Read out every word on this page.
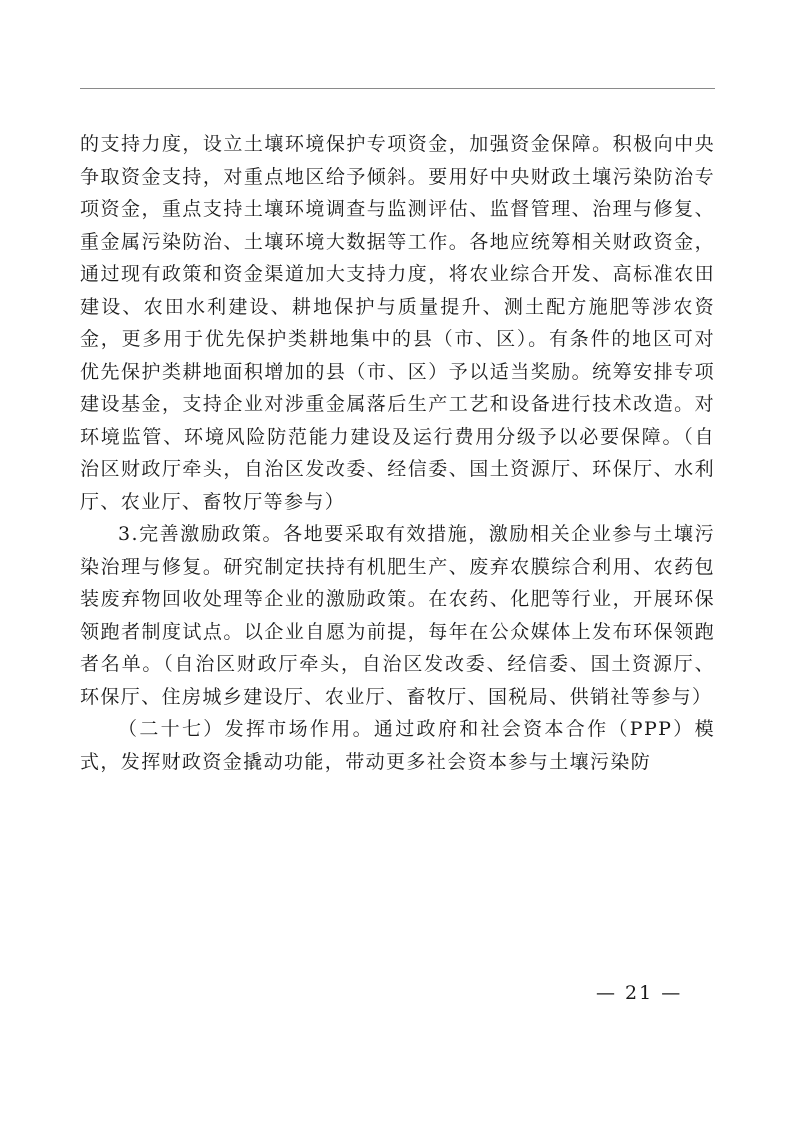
的支持力度，设立土壤环境保护专项资金，加强资金保障。积极向中央争取资金支持，对重点地区给予倾斜。要用好中央财政土壤污染防治专项资金，重点支持土壤环境调查与监测评估、监督管理、治理与修复、重金属污染防治、土壤环境大数据等工作。各地应统筹相关财政资金，通过现有政策和资金渠道加大支持力度，将农业综合开发、高标准农田建设、农田水利建设、耕地保护与质量提升、测土配方施肥等涉农资金，更多用于优先保护类耕地集中的县（市、区）。有条件的地区可对优先保护类耕地面积增加的县（市、区）予以适当奖励。统筹安排专项建设基金，支持企业对涉重金属落后生产工艺和设备进行技术改造。对环境监管、环境风险防范能力建设及运行费用分级予以必要保障。（自治区财政厅牵头，自治区发改委、经信委、国土资源厅、环保厅、水利厅、农业厅、畜牧厅等参与）

3.完善激励政策。各地要采取有效措施，激励相关企业参与土壤污染治理与修复。研究制定扶持有机肥生产、废弃农膜综合利用、农药包装废弃物回收处理等企业的激励政策。在农药、化肥等行业，开展环保领跑者制度试点。以企业自愿为前提，每年在公众媒体上发布环保领跑者名单。（自治区财政厅牵头，自治区发改委、经信委、国土资源厅、环保厅、住房城乡建设厅、农业厅、畜牧厅、国税局、供销社等参与）

（二十七）发挥市场作用。通过政府和社会资本合作（PPP）模式，发挥财政资金撬动功能，带动更多社会资本参与土壤污染防

— 21 —
